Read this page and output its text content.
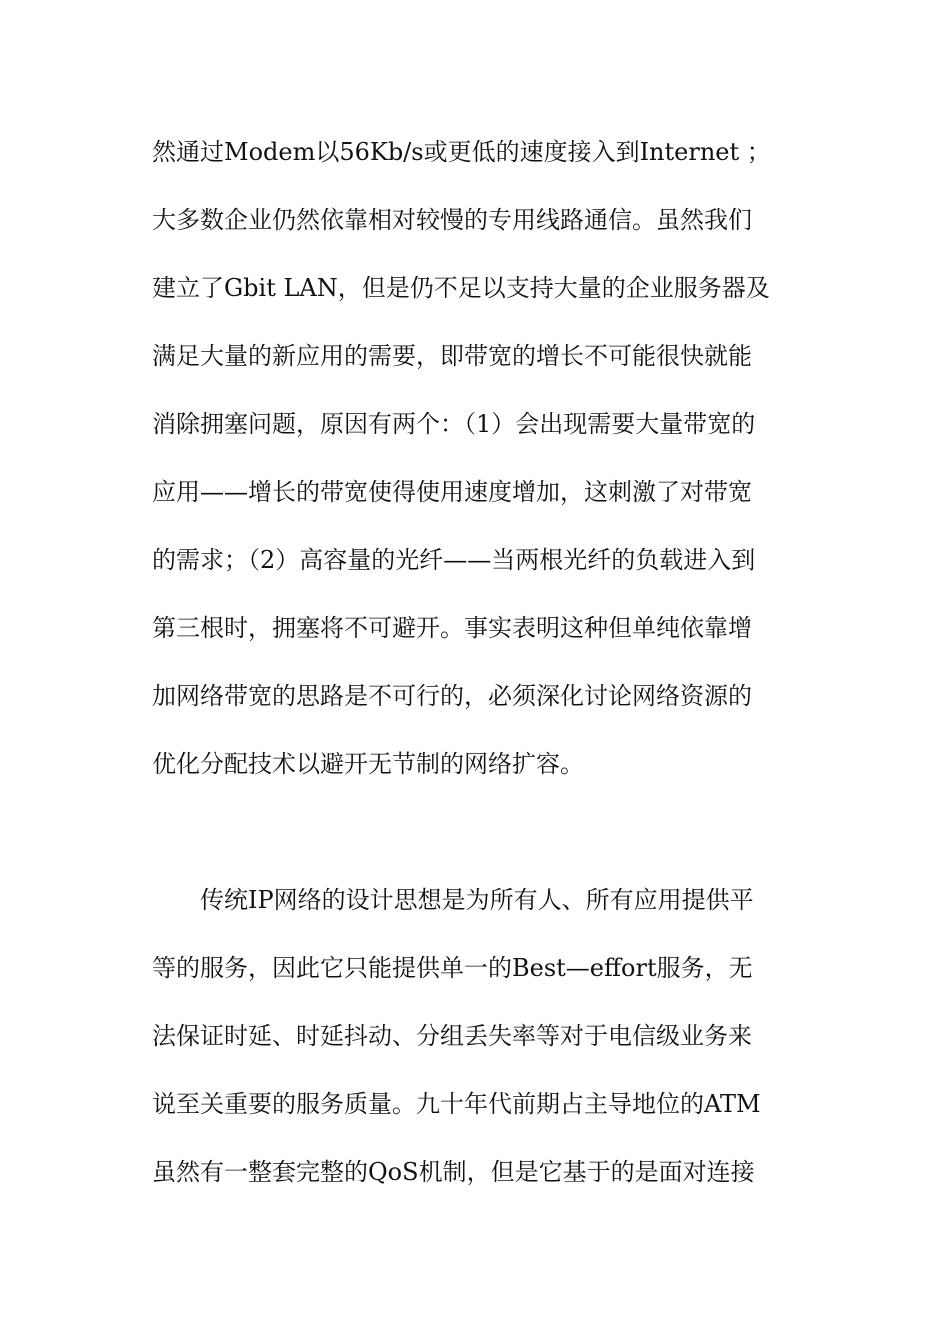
然通过Modem以56Kb/s或更低的速度接入到Internet ；
大多数企业仍然依靠相对较慢的专用线路通信。虽然我们
建立了Gbit LAN，但是仍不足以支持大量的企业服务器及
满足大量的新应用的需要，即带宽的增长不可能很快就能
消除拥塞问题，原因有两个：（1）会出现需要大量带宽的
应用——增长的带宽使得使用速度增加，这刺激了对带宽
的需求；（2）高容量的光纤——当两根光纤的负载进入到
第三根时，拥塞将不可避开。事实表明这种但单纯依靠增
加网络带宽的思路是不可行的，必须深化讨论网络资源的
优化分配技术以避开无节制的网络扩容。
传统IP网络的设计思想是为所有人、所有应用提供平
等的服务，因此它只能提供单一的Best—effort服务，无
法保证时延、时延抖动、分组丢失率等对于电信级业务来
说至关重要的服务质量。九十年代前期占主导地位的ATM
虽然有一整套完整的QoS机制，但是它基于的是面对连接
